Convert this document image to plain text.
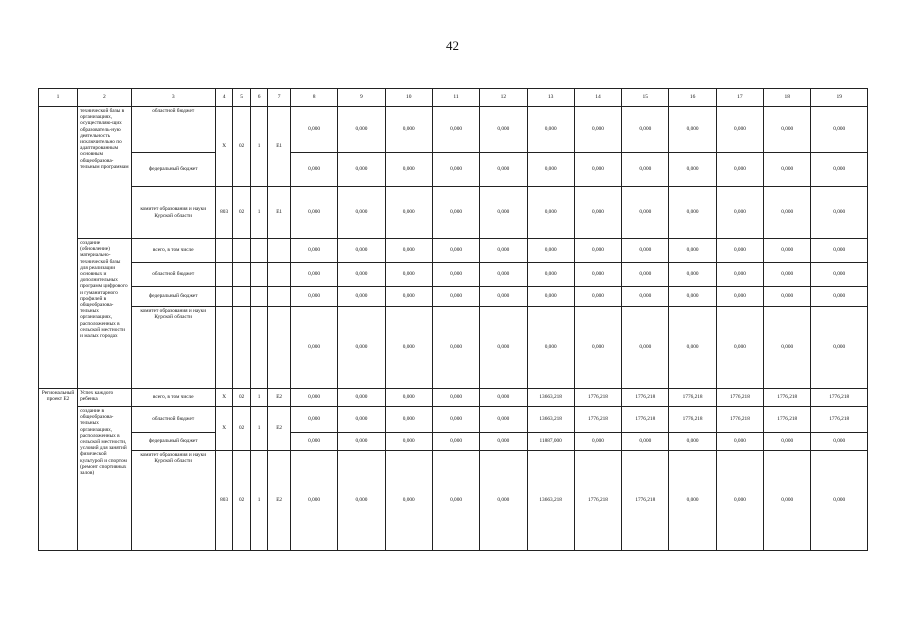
42
1	2	3	4	5	6	7	8	9	10	11	12	13	14	15	16	17	18	19
	технической базы в организациях, осуществляю-щих образователь-ную деятельность исключительно по адаптированным основным общеобразова-тельным программам	областной бюджет	X	02	1	E1	0,000	0,000	0,000	0,000	0,000	0,000	0,000	0,000	0,000	0,000	0,000	0,000
		федеральный бюджет					0,000	0,000	0,000	0,000	0,000	0,000	0,000	0,000	0,000	0,000	0,000	0,000
		комитет образования и науки Курской области	803	02	1	E1	0,000	0,000	0,000	0,000	0,000	0,000	0,000	0,000	0,000	0,000	0,000	0,000
	создание (обновление) материально-технической базы для реализации основных и дополнительных программ цифрового и гуманитарного профилей в общеобразова-тельных организациях, расположенных в сельской местности и малых городах	всего, в том числе					0,000	0,000	0,000	0,000	0,000	0,000	0,000	0,000	0,000	0,000	0,000	0,000
		областной бюджет					0,000	0,000	0,000	0,000	0,000	0,000	0,000	0,000	0,000	0,000	0,000	0,000
		федеральный бюджет					0,000	0,000	0,000	0,000	0,000	0,000	0,000	0,000	0,000	0,000	0,000	0,000
		комитет образования и науки Курской области					0,000	0,000	0,000	0,000	0,000	0,000	0,000	0,000	0,000	0,000	0,000	0,000
Региональный проект Е2	Успех каждого ребенка	всего, в том числе	X	02	1	E2	0,000	0,000	0,000	0,000	0,000	13663,218	1776,218	1776,218	1776,218	1776,218	1776,218	1776,218
	создание в общеобразова-тельных организациях, расположенных в сельской местности, условий для занятий физической культурой и спортом (ремонт спортивных залов)	областной бюджет	X	02	1	E2	0,000	0,000	0,000	0,000	0,000	13663,218	1776,218	1776,218	1776,218	1776,218	1776,218	1776,218
		федеральный бюджет					0,000	0,000	0,000	0,000	0,000	11887,000	0,000	0,000	0,000	0,000	0,000	0,000
		комитет образования и науки Курской области	803	02	1	E2	0,000	0,000	0,000	0,000	0,000	13663,218	1776,218	1776,218	0,000	0,000	0,000	0,000
